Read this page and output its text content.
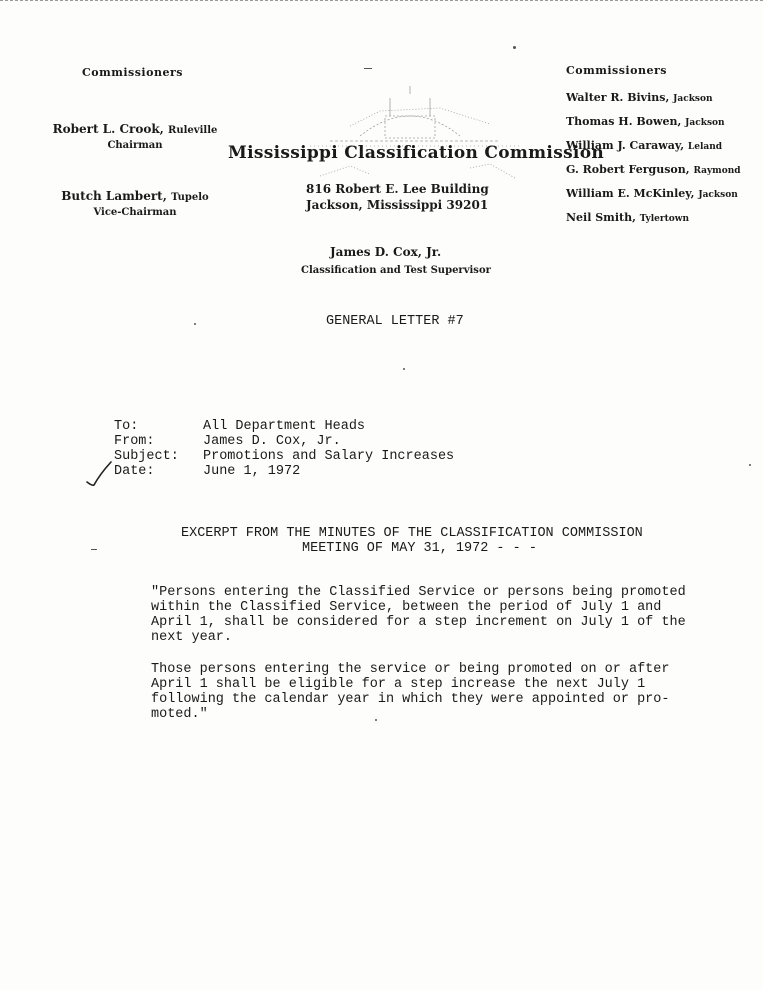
Commissioners
Robert L. Crook, Ruleville
Chairman
Butch Lambert, Tupelo
Vice-Chairman
Mississippi Classification Commission
816 Robert E. Lee Building
Jackson, Mississippi 39201
James D. Cox, Jr.
Classification and Test Supervisor
Commissioners
Walter R. Bivins, Jackson
Thomas H. Bowen, Jackson
William J. Caraway, Leland
G. Robert Ferguson, Raymond
William E. McKinley, Jackson
Neil Smith, Tylertown
GENERAL LETTER #7
To:
From:
Subject:
Date:
All Department Heads
James D. Cox, Jr.
Promotions and Salary Increases
June 1, 1972
EXCERPT FROM THE MINUTES OF THE CLASSIFICATION COMMISSION
MEETING OF MAY 31, 1972 - - -
"Persons entering the Classified Service or persons being promoted
within the Classified Service, between the period of July 1 and
April 1, shall be considered for a step increment on July 1 of the
next year.
Those persons entering the service or being promoted on or after
April 1 shall be eligible for a step increase the next July 1
following the calendar year in which they were appointed or pro-
moted."
